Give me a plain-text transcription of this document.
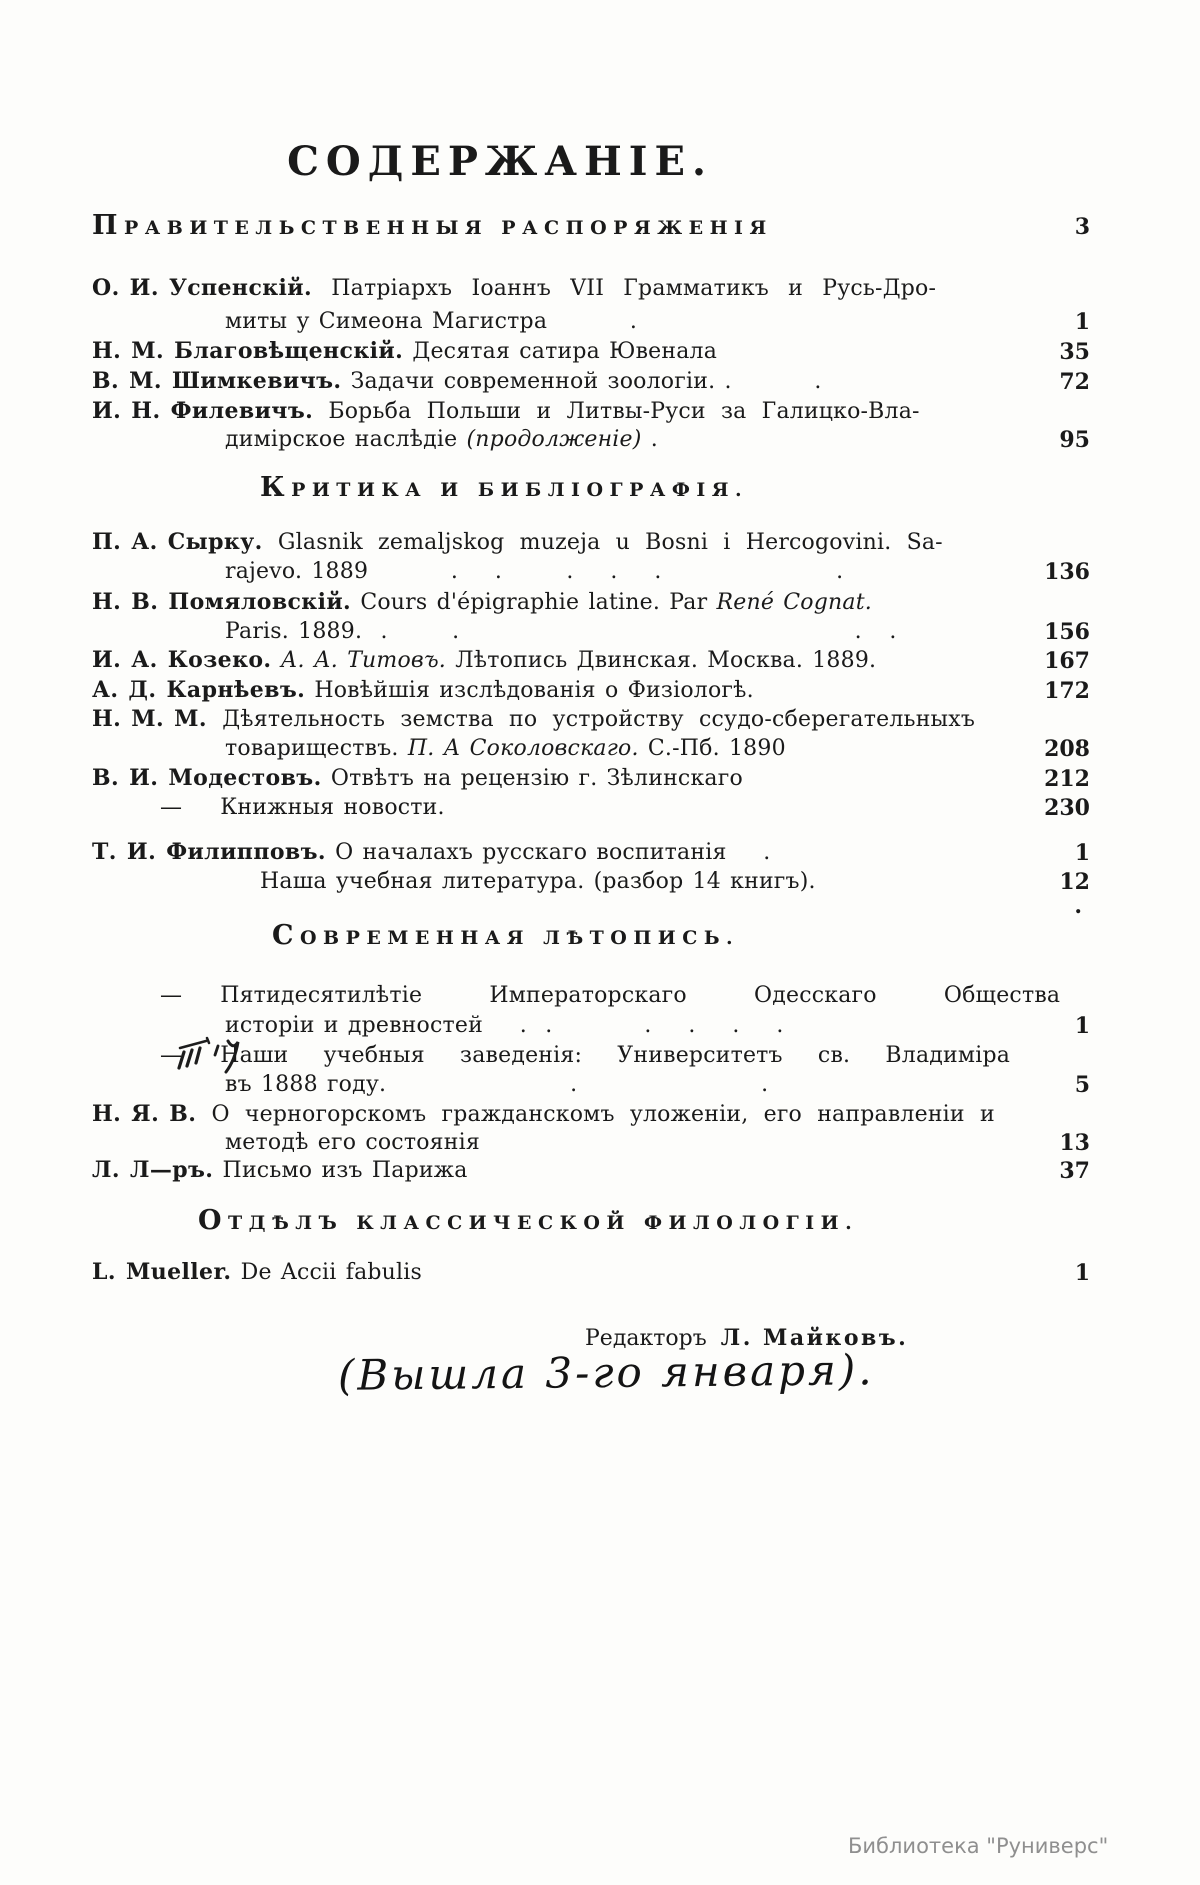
СОДЕРЖАНІЕ.
ПРАВИТЕЛЬСТВЕННЫЯ РАСПОРЯЖЕНІЯ	3
О. И. Успенскій. Патріархъ Іоаннъ VII Грамматикъ и Русь-Дро-
миты у Симеона Магистра         .	1
Н. М. Благовѣщенскій. Десятая сатира Ювенала	35
В. М. Шимкевичъ. Задачи современной зоологіи. .         .	72
И. Н. Филевичъ. Борьба Польши и Литвы-Руси за Галицко-Вла-
димірское наслѣдіе (продолженіе) .	95
КРИТИКА И БИБЛІОГРАФІЯ.
П. А. Сырку. Glasnik zemaljskog muzeja u Bosni i Hercogovini. Sa-
rajevo. 1889         .    .       .    .    .                   .	136
Н. В. Помяловскій. Cours d'épigraphie latine. Par René Cognat.
Paris. 1889.  .       .                                           .   .	156
И. А. Козеко. А. А. Титовъ. Лѣтопись Двинская. Москва. 1889.	167
А. Д. Карнѣевъ. Новѣйшія изслѣдованія о Физіологѣ.	172
Н. М. М. Дѣятельность земства по устройству ссудо-сберегательныхъ
товариществъ. П. А Соколовскаго. С.-Пб. 1890	208
В. И. Модестовъ. Отвѣтъ на рецензію г. Зѣлинскаго	212
— Книжныя новости.	230
Т. И. Филипповъ. О началахъ русскаго воспитанія    .	1
Наша учебная литература. (разбор 14 книгъ).	12
.
СОВРЕМЕННАЯ ЛѢТОПИСЬ.
— Пятидесятилѣтіе Императорскаго Одесскаго Общества
исторіи и древностей    .  .          .    .    .    .	1
— Наши учебныя заведенія: Университетъ св. Владиміра
въ 1888 году.                    .                    .	5
Н. Я. В. О черногорскомъ гражданскомъ уложеніи, его направленіи и
методѣ его состоянія	13
Л. Л—ръ. Письмо изъ Парижа	37
ОТДѢЛЪ КЛАССИЧЕСКОЙ ФИЛОЛОГІИ.
L. Mueller. De Accii fabulis	1
Редакторъ Л. Майковъ.
(Вышла 3-го января).
Библиотека "Руниверс"
